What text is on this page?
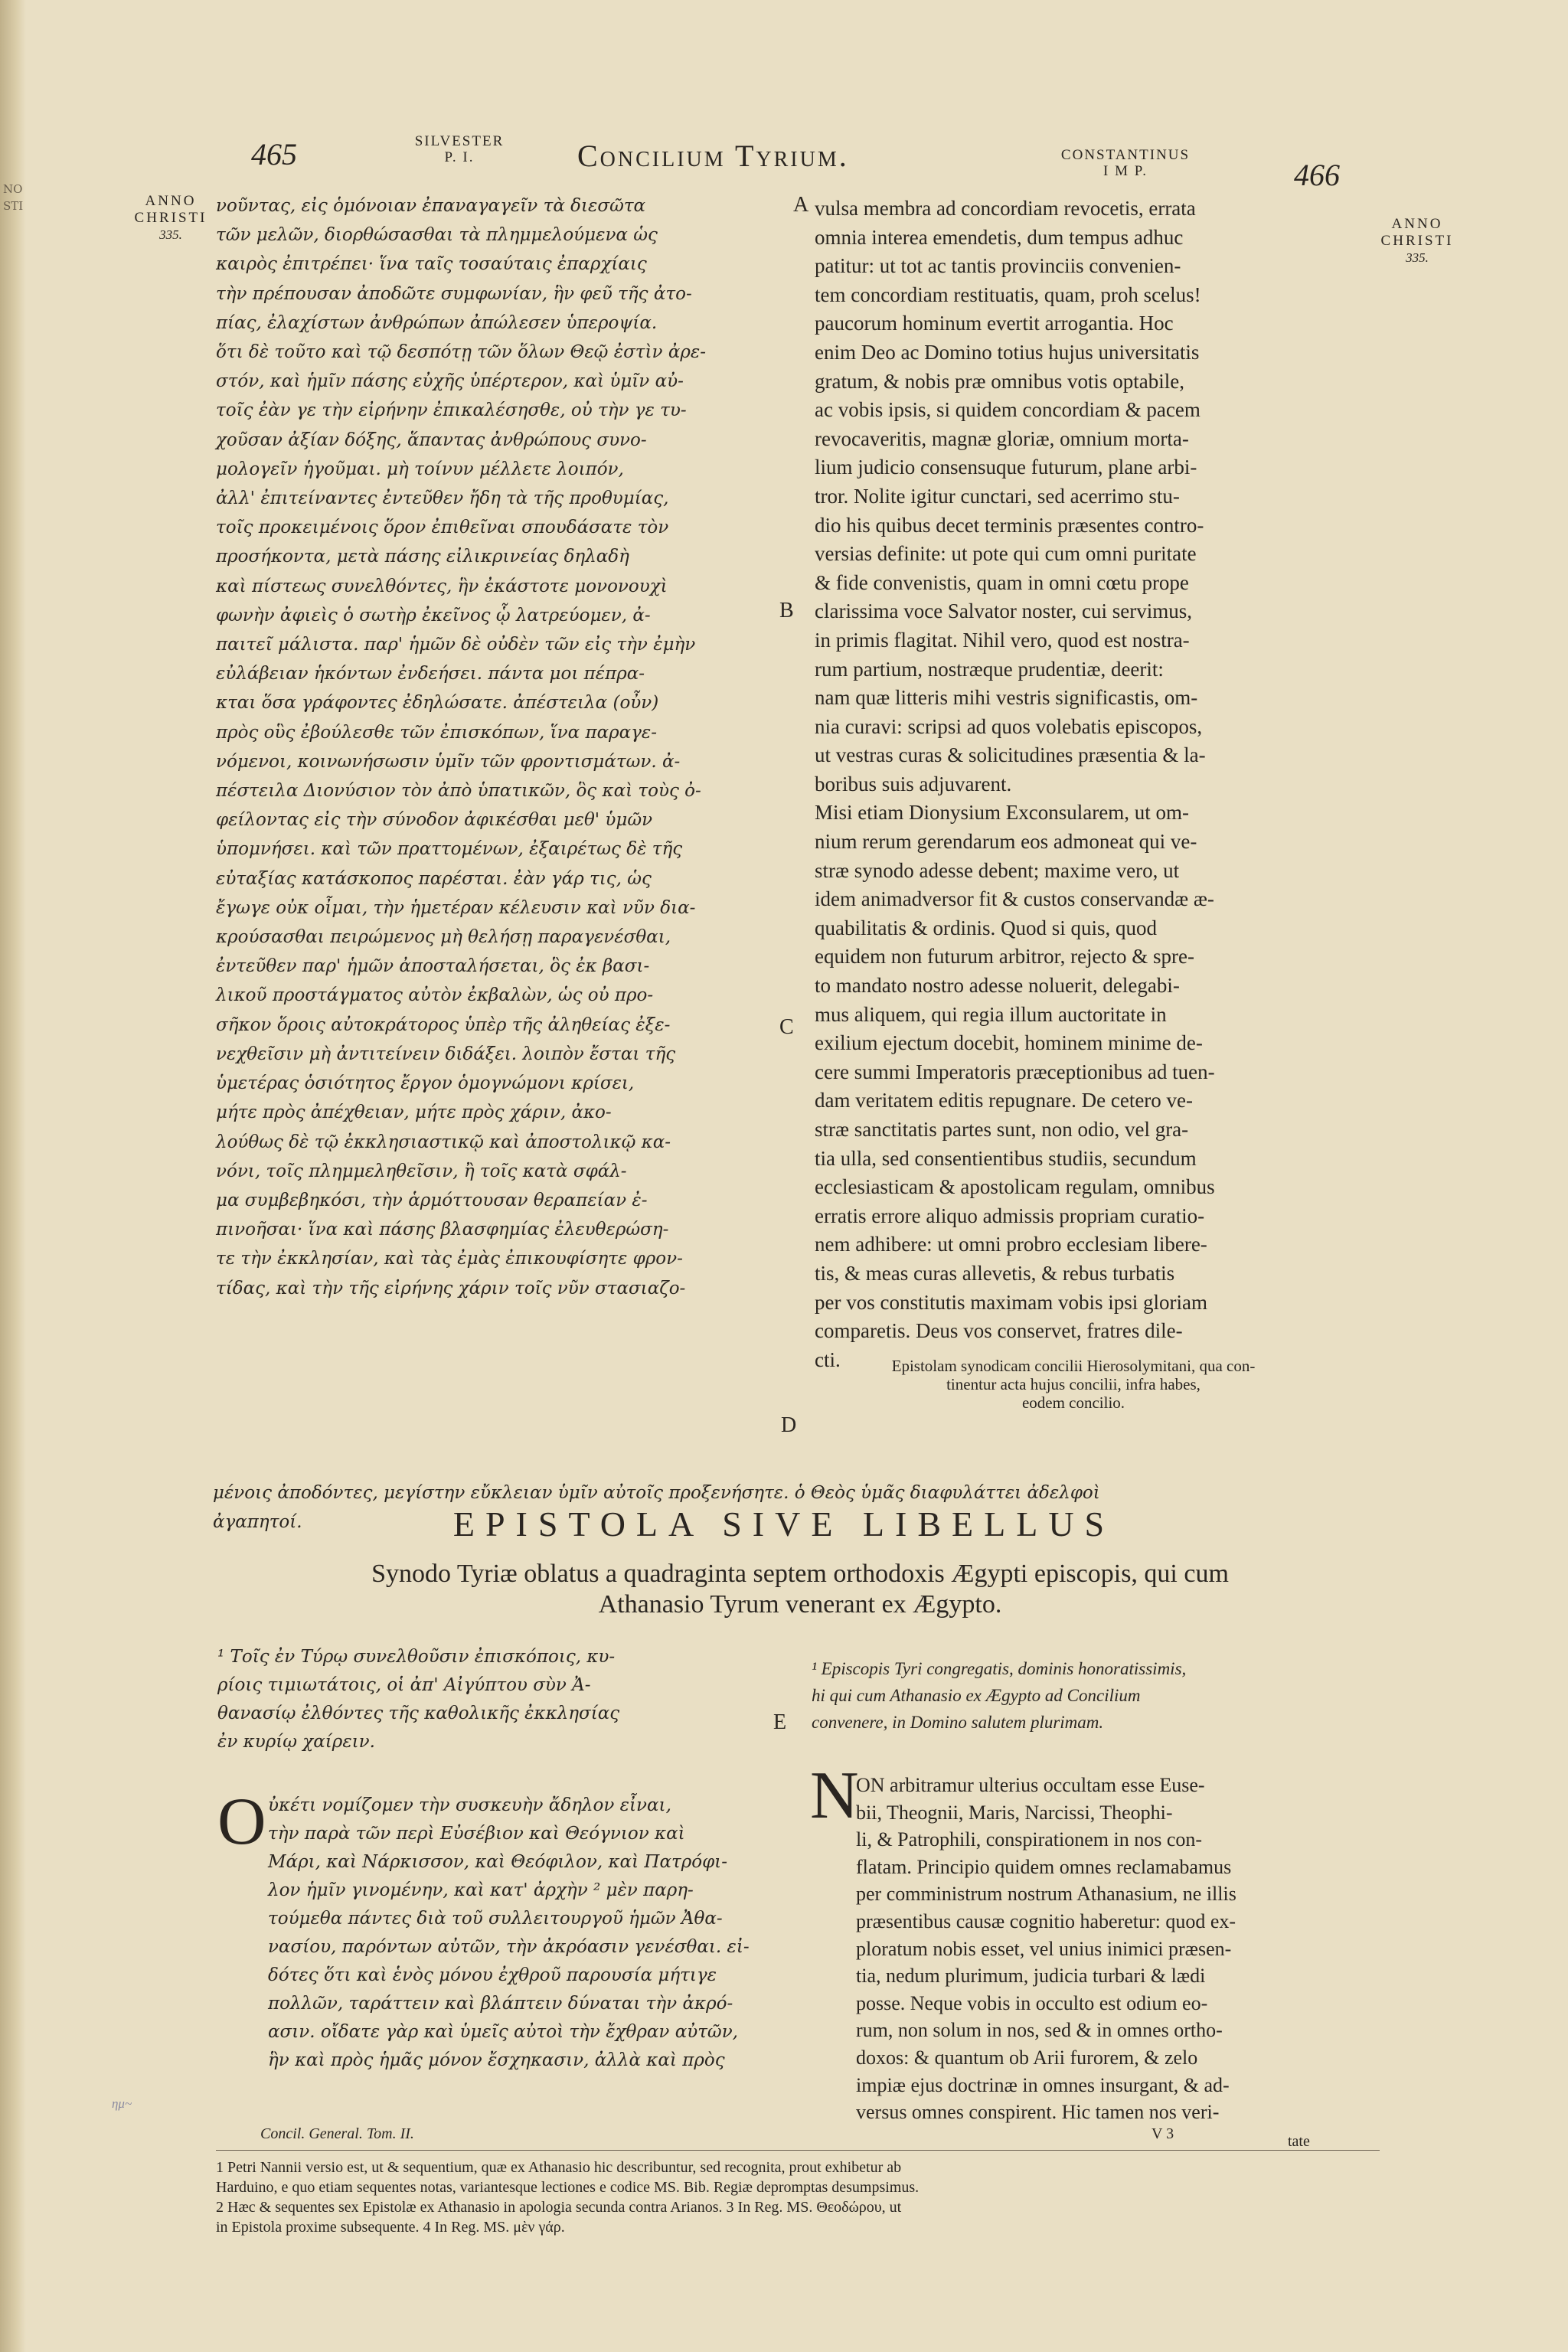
NO
STI
465	SILVESTER
P. I.	Concilium Tyrium.	CONSTANTINUS
I M P.	466
ANNO
CHRISTI
335.
ANNO
CHRISTI
335.

νοῦντας, εἰς ὁμόνοιαν ἐπαναγαγεῖν τὰ διεσῶτα

τῶν μελῶν, διορθώσασθαι τὰ πλημμελούμενα ὡς

καιρὸς ἐπιτρέπει· ἵνα ταῖς τοσαύταις ἐπαρχίαις

τὴν πρέπουσαν ἀποδῶτε συμφωνίαν, ἣν φεῦ τῆς ἀτο-

πίας, ἐλαχίστων ἀνθρώπων ἀπώλεσεν ὑπεροψία.

ὅτι δὲ τοῦτο καὶ τῷ δεσπότῃ τῶν ὅλων Θεῷ ἐστὶν ἀρε-

στόν, καὶ ἡμῖν πάσης εὐχῆς ὑπέρτερον, καὶ ὑμῖν αὐ-

τοῖς ἐὰν γε τὴν εἰρήνην ἐπικαλέσησθε, οὐ τὴν γε τυ-

χοῦσαν ἀξίαν δόξης, ἅπαντας ἀνθρώπους συνο-

μολογεῖν ἡγοῦμαι. μὴ τοίνυν μέλλετε λοιπόν,

ἀλλ' ἐπιτείναντες ἐντεῦθεν ἤδη τὰ τῆς προθυμίας,

τοῖς προκειμένοις ὅρον ἐπιθεῖναι σπουδάσατε τὸν

προσήκοντα, μετὰ πάσης εἰλικρινείας δηλαδὴ

καὶ πίστεως συνελθόντες, ἣν ἐκάστοτε μονονουχὶ

φωνὴν ἀφιεὶς ὁ σωτὴρ ἐκεῖνος ᾧ λατρεύομεν, ἀ-

παιτεῖ μάλιστα. παρ' ἡμῶν δὲ οὐδὲν τῶν εἰς τὴν ἐμὴν

εὐλάβειαν ἡκόντων ἐνδεήσει. πάντα μοι πέπρα-

κται ὅσα γράφοντες ἐδηλώσατε. ἀπέστειλα (οὖν)

πρὸς οὓς ἐβούλεσθε τῶν ἐπισκόπων, ἵνα παραγε-

νόμενοι, κοινωνήσωσιν ὑμῖν τῶν φροντισμάτων. ἀ-

πέστειλα Διονύσιον τὸν ἀπὸ ὑπατικῶν, ὃς καὶ τοὺς ὀ-

φείλοντας εἰς τὴν σύνοδον ἀφικέσθαι μεθ' ὑμῶν

ὑπομνήσει. καὶ τῶν πραττομένων, ἐξαιρέτως δὲ τῆς

εὐταξίας κατάσκοπος παρέσται. ἐὰν γάρ τις, ὡς

ἔγωγε οὐκ οἶμαι, τὴν ἡμετέραν κέλευσιν καὶ νῦν δια-

κρούσασθαι πειρώμενος μὴ θελήσῃ παραγενέσθαι,

ἐντεῦθεν παρ' ἡμῶν ἀποσταλήσεται, ὃς ἐκ βασι-

λικοῦ προστάγματος αὐτὸν ἐκβαλὼν, ὡς οὐ προ-

σῆκον ὅροις αὐτοκράτορος ὑπὲρ τῆς ἀληθείας ἐξε-

νεχθεῖσιν μὴ ἀντιτείνειν διδάξει. λοιπὸν ἔσται τῆς

ὑμετέρας ὁσιότητος ἔργον ὁμογνώμονι κρίσει,

μήτε πρὸς ἀπέχθειαν, μήτε πρὸς χάριν, ἀκο-

λούθως δὲ τῷ ἐκκλησιαστικῷ καὶ ἀποστολικῷ κα-

νόνι, τοῖς πλημμεληθεῖσιν, ἢ τοῖς κατὰ σφάλ-

μα συμβεβηκόσι, τὴν ἁρμόττουσαν θεραπείαν ἐ-

πινοῆσαι· ἵνα καὶ πάσης βλασφημίας ἐλευθερώση-

τε τὴν ἐκκλησίαν, καὶ τὰς ἐμὰς ἐπικουφίσητε φρον-

τίδας, καὶ τὴν τῆς εἰρήνης χάριν τοῖς νῦν στασιαζο-

A
B
C
D
E

vulsa membra ad concordiam revocetis, errata

omnia interea emendetis, dum tempus adhuc

patitur: ut tot ac tantis provinciis convenien-

tem concordiam restituatis, quam, proh scelus!

paucorum hominum evertit arrogantia. Hoc

enim Deo ac Domino totius hujus universitatis

gratum, & nobis præ omnibus votis optabile,

ac vobis ipsis, si quidem concordiam & pacem

revocaveritis, magnæ gloriæ, omnium morta-

lium judicio consensuque futurum, plane arbi-

tror. Nolite igitur cunctari, sed acerrimo stu-

dio his quibus decet terminis præsentes contro-

versias definite: ut pote qui cum omni puritate

& fide convenistis, quam in omni cœtu prope

clarissima voce Salvator noster, cui servimus,

in primis flagitat. Nihil vero, quod est nostra-

rum partium, nostræque prudentiæ, deerit:

nam quæ litteris mihi vestris significastis, om-

nia curavi: scripsi ad quos volebatis episcopos,

ut vestras curas & solicitudines præsentia & la-

boribus suis adjuvarent.

Misi etiam Dionysium Exconsularem, ut om-

nium rerum gerendarum eos admoneat qui ve-

stræ synodo adesse debent; maxime vero, ut

idem animadversor fit & custos conservandæ æ-

quabilitatis & ordinis. Quod si quis, quod

equidem non futurum arbitror, rejecto & spre-

to mandato nostro adesse noluerit, delegabi-

mus aliquem, qui regia illum auctoritate in

exilium ejectum docebit, hominem minime de-

cere summi Imperatoris præceptionibus ad tuen-

dam veritatem editis repugnare. De cetero ve-

stræ sanctitatis partes sunt, non odio, vel gra-

tia ulla, sed consentientibus studiis, secundum

ecclesiasticam & apostolicam regulam, omnibus

erratis errore aliquo admissis propriam curatio-

nem adhibere: ut omni probro ecclesiam libere-

tis, & meas curas allevetis, & rebus turbatis

per vos constitutis maximam vobis ipsi gloriam

comparetis. Deus vos conservet, fratres dile-

cti.	Epistolam synodicam concilii Hierosolymitani, qua con-
tinentur acta hujus concilii, infra habes,
eodem concilio.
μένοις ἀποδόντες, μεγίστην εὔκλειαν ὑμῖν αὐτοῖς προξενήσητε. ὁ Θεὸς ὑμᾶς διαφυλάττει ἀδελφοὶ
ἀγαπητοί.	EPISTOLA SIVE LIBELLUS

Synodo Tyriæ oblatus a quadraginta septem orthodoxis Ægypti episcopis, qui cum

Athanasio Tyrum venerant ex Ægypto.

¹ Τοῖς ἐν Τύρῳ συνελθοῦσιν ἐπισκόποις, κυ-

ρίοις τιμιωτάτοις, οἱ ἀπ' Αἰγύπτου σὺν Ἀ-

θανασίῳ ἐλθόντες τῆς καθολικῆς ἐκκλησίας

ἐν κυρίῳ χαίρειν.

¹ Episcopis Tyri congregatis, dominis honoratissimis,

hi qui cum Athanasio ex Ægypto ad Concilium

convenere, in Domino salutem plurimam.

O ὐκέτι νομίζομεν τὴν συσκευὴν ἄδηλον εἶναι,

τὴν παρὰ τῶν περὶ Εὐσέβιον καὶ Θεόγνιον καὶ

Μάρι, καὶ Νάρκισσον, καὶ Θεόφιλον, καὶ Πατρόφι-

λον ἡμῖν γινομένην, καὶ κατ' ἀρχὴν ² μὲν παρη-

τούμεθα πάντες διὰ τοῦ συλλειτουργοῦ ἡμῶν Ἀθα-

νασίου, παρόντων αὐτῶν, τὴν ἀκρόασιν γενέσθαι. εἰ-

δότες ὅτι καὶ ἑνὸς μόνου ἐχθροῦ παρουσία μήτιγε

πολλῶν, ταράττειν καὶ βλάπτειν δύναται τὴν ἀκρό-

ασιν. οἴδατε γὰρ καὶ ὑμεῖς αὐτοὶ τὴν ἔχθραν αὐτῶν,

ἣν καὶ πρὸς ἡμᾶς μόνον ἔσχηκασιν, ἀλλὰ καὶ πρὸς

N

ON arbitramur ulterius occultam esse Euse-

bii, Theognii, Maris, Narcissi, Theophi-

li, & Patrophili, conspirationem in nos con-

flatam. Principio quidem omnes reclamabamus

per comministrum nostrum Athanasium, ne illis

præsentibus causæ cognitio haberetur: quod ex-

ploratum nobis esset, vel unius inimici præsen-

tia, nedum plurimum, judicia turbari & lædi

posse. Neque vobis in occulto est odium eo-

rum, non solum in nos, sed & in omnes ortho-

doxos: & quantum ob Arii furorem, & zelo

impiæ ejus doctrinæ in omnes insurgant, & ad-

versus omnes conspirent. Hic tamen nos veri-

Concil. General. Tom. II.	V 3	tate

1 Petri Nannii versio est, ut & sequentium, quæ ex Athanasio hic describuntur, sed recognita, prout exhibetur ab

Harduino, e quo etiam sequentes notas, variantesque lectiones e codice MS. Bib. Regiæ depromptas desumpsimus.

2 Hæc & sequentes sex Epistolæ ex Athanasio in apologia secunda contra Arianos. 3 In Reg. MS. Θεοδώρου, ut

in Epistola proxime subsequente. 4 In Reg. MS. μὲν γάρ.

ημ~
